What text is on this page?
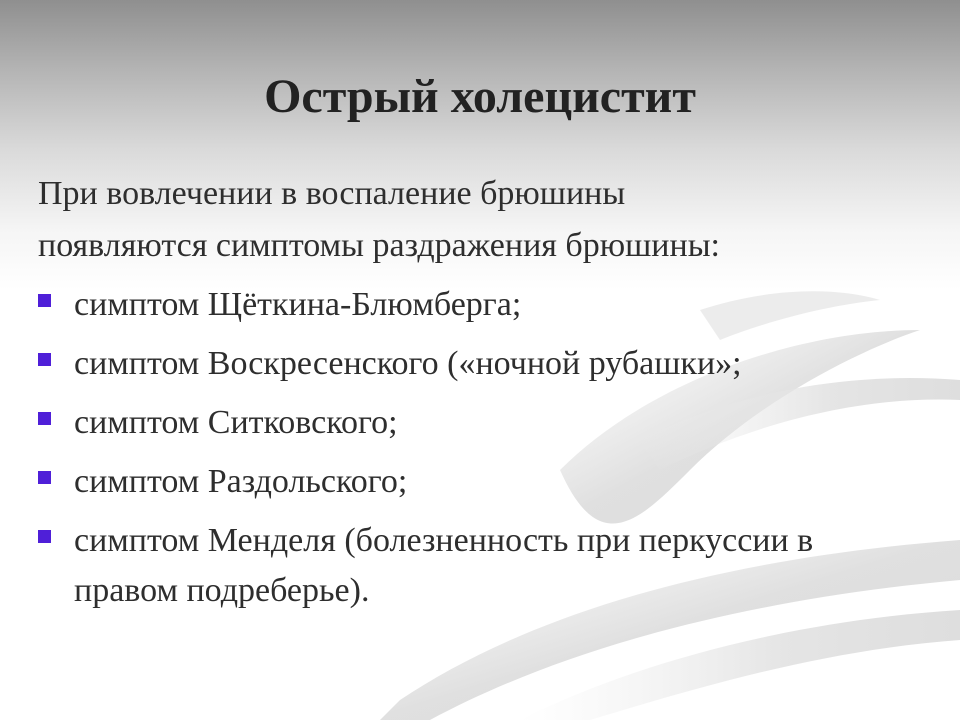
Острый холецистит

При вовлечении в воспаление брюшины
появляются симптомы раздражения брюшины:

симптом Щёткина-Блюмберга;
симптом Воскресенского («ночной рубашки»;
симптом Ситковского;
симптом Раздольского;
симптом Менделя (болезненность при перкуссии в правом подреберье).
